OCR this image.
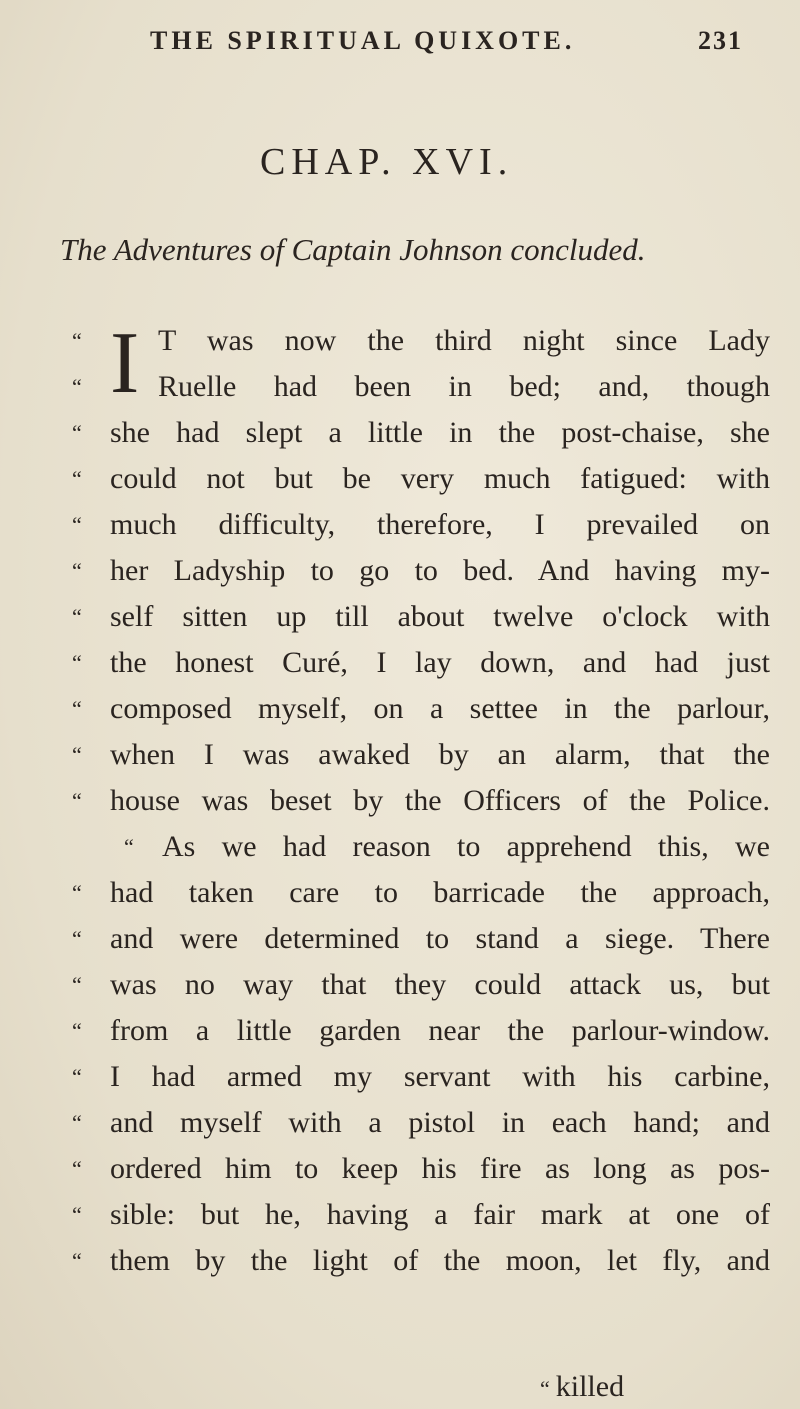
THE SPIRITUAL QUIXOTE.	231
CHAP. XVI.
The Adventures of Captain Johnson concluded.
“ I T was now the third night since Lady
“	Ruelle had been in bed; and, though
“ she had slept a little in the post-chaise, she
“ could not but be very much fatigued: with
“ much difficulty, therefore, I prevailed on
“ her Ladyship to go to bed. And having my-
“ self sitten up till about twelve o'clock with
“ the honest Curé, I lay down, and had just
“ composed myself, on a settee in the parlour,
“ when I was awaked by an alarm, that the
“ house was beset by the Officers of the Police.
“ As we had reason to apprehend this, we
“ had taken care to barricade the approach,
“ and were determined to stand a siege. There
“ was no way that they could attack us, but
“ from a little garden near the parlour-window.
“ I had armed my servant with his carbine,
“ and myself with a pistol in each hand; and
“ ordered him to keep his fire as long as pos-
“ sible: but he, having a fair mark at one of
“ them by the light of the moon, let fly, and
“ killed
